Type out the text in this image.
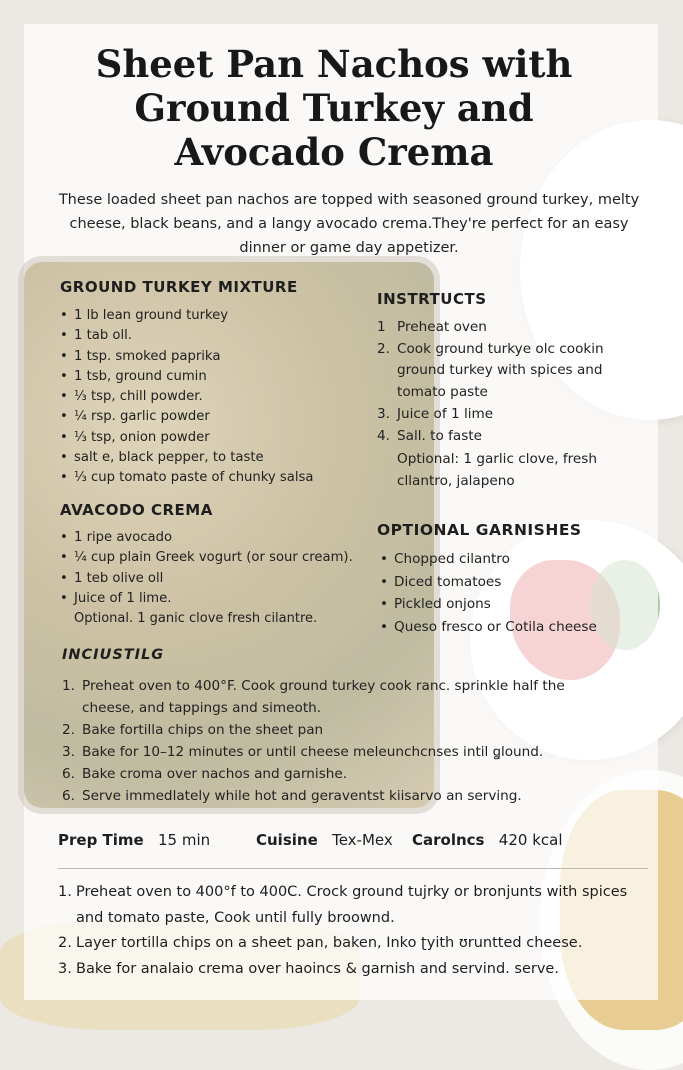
Sheet Pan Nachos with
Ground Turkey and
Avocado Crema

These loaded sheet pan nachos are topped with seasoned ground turkey, melty cheese, black beans, and a langy avocado crema.They're perfect for an easy dinner or game day appetizer.

GROUND TURKEY MIXTURE
• 1 lb lean ground turkey
• 1 tab oll.
• 1 tsp. smoked paprika
• 1 tsb, ground cumin
• ⅓ tsp, chill powder.
• ¼ rsp. garlic powder
• ⅓ tsp, onion powder
• salt e, black pepper, to taste
• ⅓ cup tomato paste of chunky salsa
AVACODO CREMA
• 1 ripe avocado
• ¼ cup plain Greek vogurt (or sour cream).
• 1 teb olive oll
• Juice of 1 lime.
Optional. 1 ganic clove fresh cilantre.
INSTRTUCTS
1 Preheat oven
2. Cook ground turkye olc cookin ground turkey with spices and tomato paste
3. Juice of 1 lime
4. Sall. to faste
Optional: 1 garlic clove, fresh cllantro, jalapeno
OPTIONAL GARNISHES
• Chopped cilantro
• Diced tomatoes
• Pickled onjons
• Queso fresco or Cotila cheese
INCIUSTILG
1. Preheat oven to 400°F. Cook ground turkey cook ranc. sprinkle half the cheese, and tappings and simeoth.
2. Bake fortilla chips on the sheet pan
3. Bake for 10–12 minutes or until cheese meleunchcnses intil ꬶlound.
6. Bake croma over nachos and garnishe.
6. Serve immedlately while hot and geraventst kiisarvo an serving.
Prep Time 15 min	Cuisine Tex-Mex Carolncs 420 kcal
1. Preheat oven to 400°f to 400C. Crock ground tujrky or bronjunts with spices and tomato paste, Cook until fully broownd.
2. Layer tortilla chips on a sheet pan, baken, Inko ʈyith ʊruntted cheese.
3. Bake for analaio crema over haoincs & garnish and servind. serve.
